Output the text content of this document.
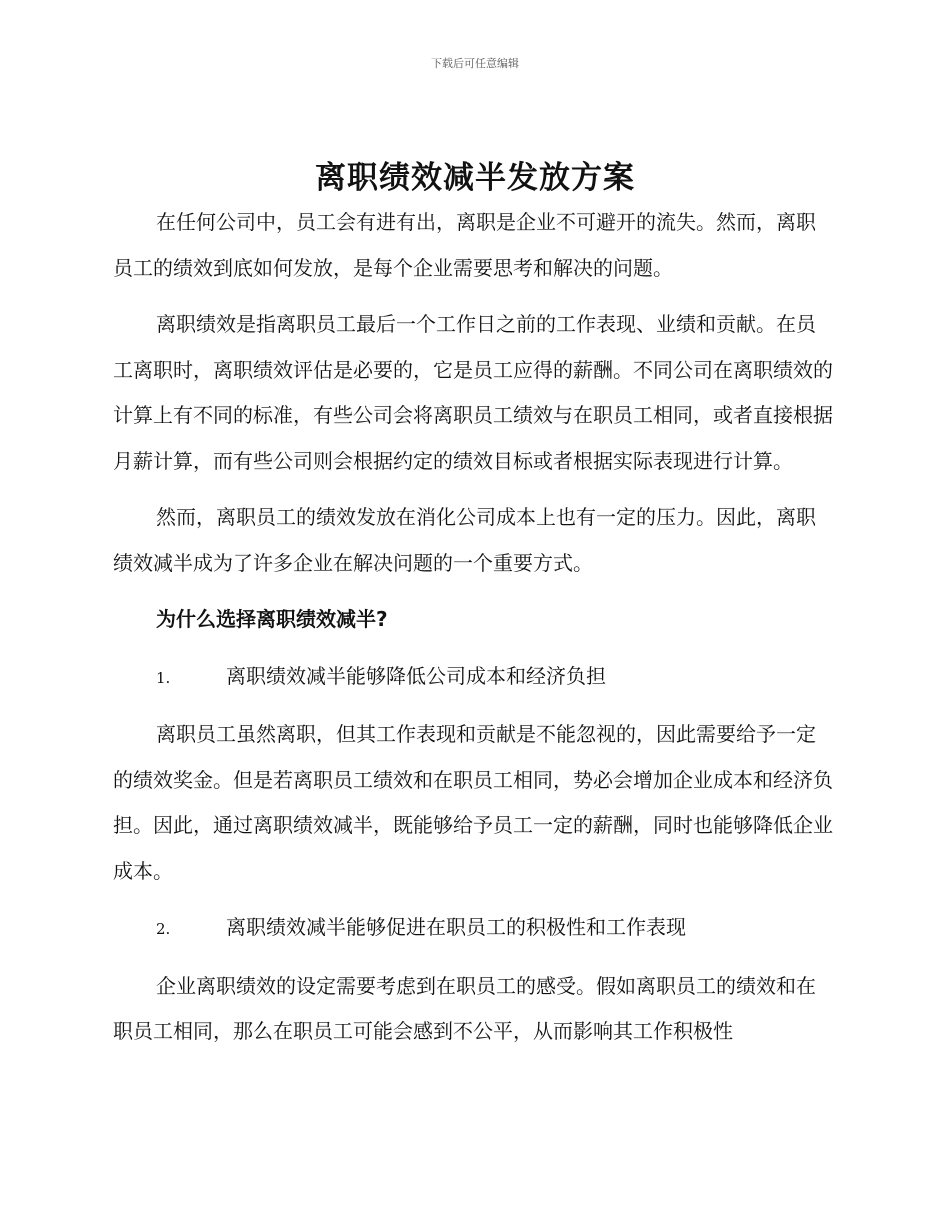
下载后可任意编辑
离职绩效减半发放方案

在任何公司中，员工会有进有出，离职是企业不可避开的流失。然而，离职员工的绩效到底如何发放，是每个企业需要思考和解决的问题。

离职绩效是指离职员工最后一个工作日之前的工作表现、业绩和贡献。在员工离职时，离职绩效评估是必要的，它是员工应得的薪酬。不同公司在离职绩效的计算上有不同的标准，有些公司会将离职员工绩效与在职员工相同，或者直接根据月薪计算，而有些公司则会根据约定的绩效目标或者根据实际表现进行计算。

然而，离职员工的绩效发放在消化公司成本上也有一定的压力。因此，离职绩效减半成为了许多企业在解决问题的一个重要方式。

为什么选择离职绩效减半?

1.	离职绩效减半能够降低公司成本和经济负担

离职员工虽然离职，但其工作表现和贡献是不能忽视的，因此需要给予一定的绩效奖金。但是若离职员工绩效和在职员工相同，势必会增加企业成本和经济负担。因此，通过离职绩效减半，既能够给予员工一定的薪酬，同时也能够降低企业成本。

2.	离职绩效减半能够促进在职员工的积极性和工作表现

企业离职绩效的设定需要考虑到在职员工的感受。假如离职员工的绩效和在职员工相同，那么在职员工可能会感到不公平，从而影响其工作积极性
